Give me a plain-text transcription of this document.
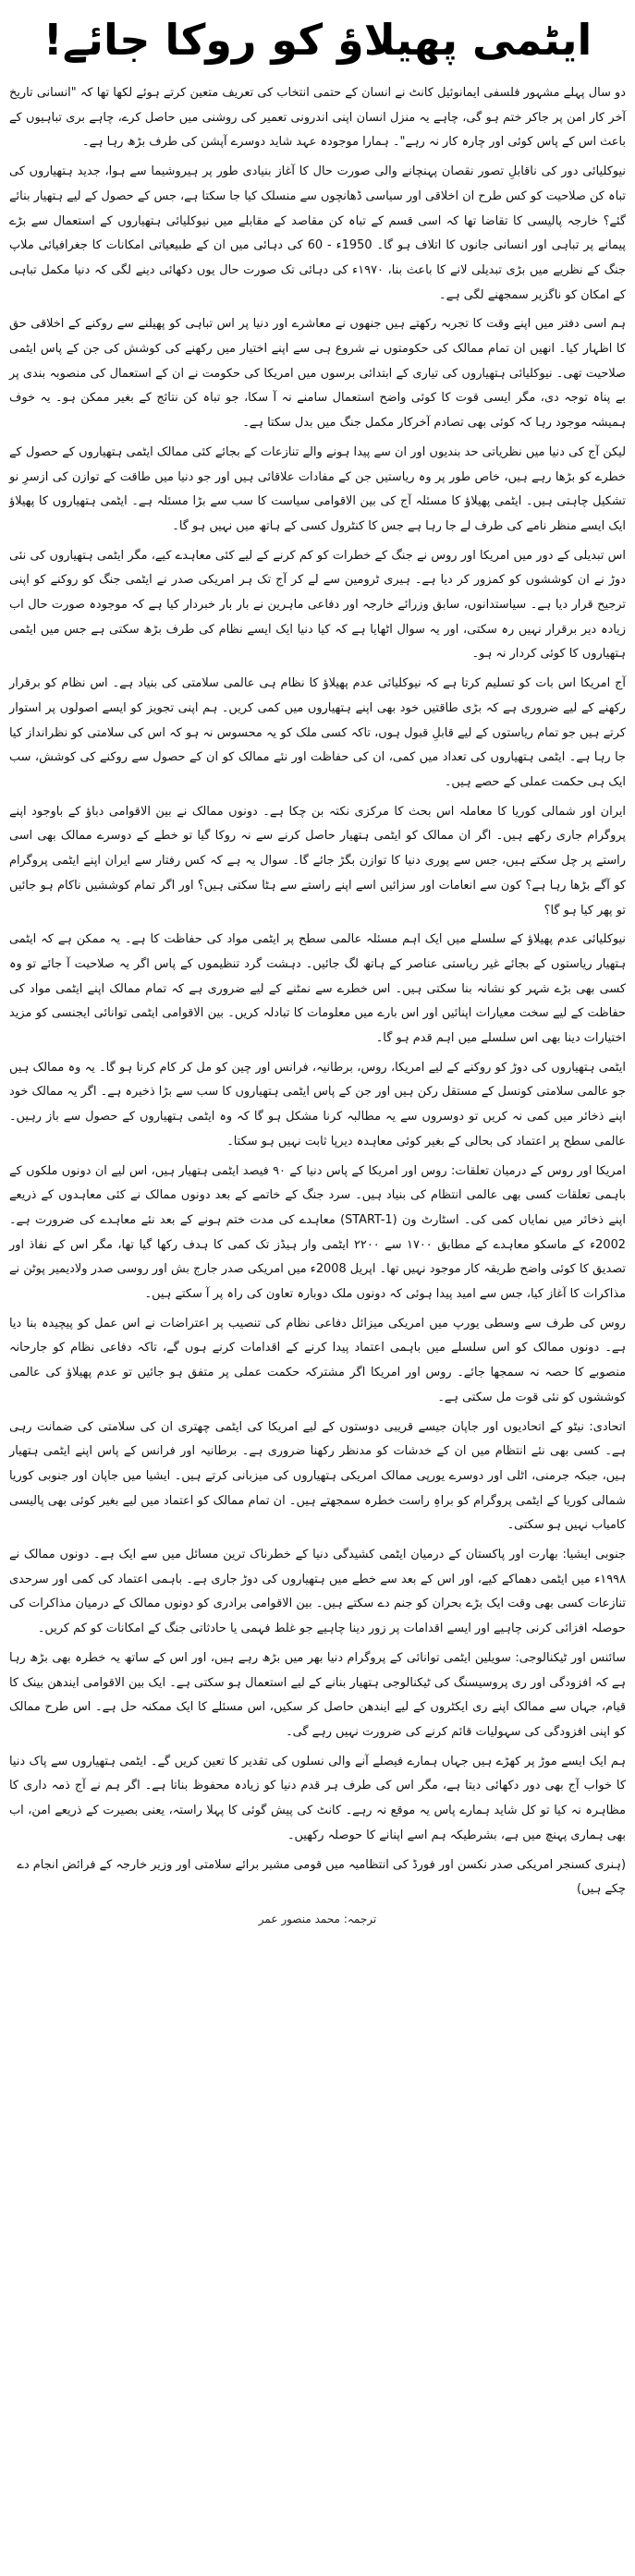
ایٹمی پھیلاؤ کو روکا جائے!

دو سال پہلے مشہور فلسفی ایمانوئیل کانٹ نے انسان کے حتمی انتخاب کی تعریف متعین کرتے ہوئے لکھا تھا کہ "انسانی تاریخ آخر کار امن پر جاکر ختم ہو گی، چاہے یہ منزل انسان اپنی اندرونی تعمیر کی روشنی میں حاصل کرے، چاہے بری تباہیوں کے باعث اس کے پاس کوئی اور چارہ کار نہ رہے"۔ ہمارا موجودہ عہد شاید دوسرے آپشن کی طرف بڑھ رہا ہے۔

نیوکلیائی دور کی ناقابلِ تصور نقصان پہنچانے والی صورت حال کا آغاز بنیادی طور پر ہیروشیما سے ہوا، جدید ہتھیاروں کی تباہ کن صلاحیت کو کس طرح ان اخلاقی اور سیاسی ڈھانچوں سے منسلک کیا جا سکتا ہے، جس کے حصول کے لیے ہتھیار بنائے گئے؟ خارجہ پالیسی کا تقاضا تھا کہ اسی قسم کے تباہ کن مقاصد کے مقابلے میں نیوکلیائی ہتھیاروں کے استعمال سے بڑے پیمانے پر تباہی اور انسانی جانوں کا اتلاف ہو گا۔ 1950ء - 60 کی دہائی میں ان کے طبیعیاتی امکانات کا جغرافیائی ملاپ جنگ کے نظریے میں بڑی تبدیلی لانے کا باعث بنا، ۱۹۷۰ء کی دہائی تک صورت حال یوں دکھائی دینے لگی کہ دنیا مکمل تباہی کے امکان کو ناگزیر سمجھنے لگی ہے۔

ہم اسی دفتر میں اپنے وقت کا تجربہ رکھتے ہیں جنھوں نے معاشرے اور دنیا پر اس تباہی کو پھیلنے سے روکنے کے اخلاقی حق کا اظہار کیا۔ انھیں ان تمام ممالک کی حکومتوں نے شروع ہی سے اپنے اختیار میں رکھنے کی کوشش کی جن کے پاس ایٹمی صلاحیت تھی۔ نیوکلیائی ہتھیاروں کی تیاری کے ابتدائی برسوں میں امریکا کی حکومت نے ان کے استعمال کی منصوبہ بندی پر بے پناہ توجہ دی، مگر ایسی قوت کا کوئی واضح استعمال سامنے نہ آ سکا، جو تباہ کن نتائج کے بغیر ممکن ہو۔ یہ خوف ہمیشہ موجود رہا کہ کوئی بھی تصادم آخرکار مکمل جنگ میں بدل سکتا ہے۔

لیکن آج کی دنیا میں نظریاتی حد بندیوں اور ان سے پیدا ہونے والے تنازعات کے بجائے کئی ممالک ایٹمی ہتھیاروں کے حصول کے خطرے کو بڑھا رہے ہیں، خاص طور پر وہ ریاستیں جن کے مفادات علاقائی ہیں اور جو دنیا میں طاقت کے توازن کی ازسرِ نو تشکیل چاہتی ہیں۔ ایٹمی پھیلاؤ کا مسئلہ آج کی بین الاقوامی سیاست کا سب سے بڑا مسئلہ ہے۔ ایٹمی ہتھیاروں کا پھیلاؤ ایک ایسے منظر نامے کی طرف لے جا رہا ہے جس کا کنٹرول کسی کے ہاتھ میں نہیں ہو گا۔

اس تبدیلی کے دور میں امریکا اور روس نے جنگ کے خطرات کو کم کرنے کے لیے کئی معاہدے کیے، مگر ایٹمی ہتھیاروں کی نئی دوڑ نے ان کوششوں کو کمزور کر دیا ہے۔ ہیری ٹرومین سے لے کر آج تک ہر امریکی صدر نے ایٹمی جنگ کو روکنے کو اپنی ترجیح قرار دیا ہے۔ سیاستدانوں، سابق وزرائے خارجہ اور دفاعی ماہرین نے بار بار خبردار کیا ہے کہ موجودہ صورت حال اب زیادہ دیر برقرار نہیں رہ سکتی، اور یہ سوال اٹھایا ہے کہ کیا دنیا ایک ایسے نظام کی طرف بڑھ سکتی ہے جس میں ایٹمی ہتھیاروں کا کوئی کردار نہ ہو۔

آج امریکا اس بات کو تسلیم کرتا ہے کہ نیوکلیائی عدم پھیلاؤ کا نظام ہی عالمی سلامتی کی بنیاد ہے۔ اس نظام کو برقرار رکھنے کے لیے ضروری ہے کہ بڑی طاقتیں خود بھی اپنے ہتھیاروں میں کمی کریں۔ ہم اپنی تجویز کو ایسے اصولوں پر استوار کرتے ہیں جو تمام ریاستوں کے لیے قابلِ قبول ہوں، تاکہ کسی ملک کو یہ محسوس نہ ہو کہ اس کی سلامتی کو نظرانداز کیا جا رہا ہے۔ ایٹمی ہتھیاروں کی تعداد میں کمی، ان کی حفاظت اور نئے ممالک کو ان کے حصول سے روکنے کی کوشش، سب ایک ہی حکمت عملی کے حصے ہیں۔

ایران اور شمالی کوریا کا معاملہ اس بحث کا مرکزی نکتہ بن چکا ہے۔ دونوں ممالک نے بین الاقوامی دباؤ کے باوجود اپنے پروگرام جاری رکھے ہیں۔ اگر ان ممالک کو ایٹمی ہتھیار حاصل کرنے سے نہ روکا گیا تو خطے کے دوسرے ممالک بھی اسی راستے پر چل سکتے ہیں، جس سے پوری دنیا کا توازن بگڑ جائے گا۔ سوال یہ ہے کہ کس رفتار سے ایران اپنے ایٹمی پروگرام کو آگے بڑھا رہا ہے؟ کون سے انعامات اور سزائیں اسے اپنے راستے سے ہٹا سکتی ہیں؟ اور اگر تمام کوششیں ناکام ہو جائیں تو پھر کیا ہو گا؟

نیوکلیائی عدم پھیلاؤ کے سلسلے میں ایک اہم مسئلہ عالمی سطح پر ایٹمی مواد کی حفاظت کا ہے۔ یہ ممکن ہے کہ ایٹمی ہتھیار ریاستوں کے بجائے غیر ریاستی عناصر کے ہاتھ لگ جائیں۔ دہشت گرد تنظیموں کے پاس اگر یہ صلاحیت آ جائے تو وہ کسی بھی بڑے شہر کو نشانہ بنا سکتی ہیں۔ اس خطرے سے نمٹنے کے لیے ضروری ہے کہ تمام ممالک اپنے ایٹمی مواد کی حفاظت کے لیے سخت معیارات اپنائیں اور اس بارے میں معلومات کا تبادلہ کریں۔ بین الاقوامی ایٹمی توانائی ایجنسی کو مزید اختیارات دینا بھی اس سلسلے میں اہم قدم ہو گا۔

ایٹمی ہتھیاروں کی دوڑ کو روکنے کے لیے امریکا، روس، برطانیہ، فرانس اور چین کو مل کر کام کرنا ہو گا۔ یہ وہ ممالک ہیں جو عالمی سلامتی کونسل کے مستقل رکن ہیں اور جن کے پاس ایٹمی ہتھیاروں کا سب سے بڑا ذخیرہ ہے۔ اگر یہ ممالک خود اپنے ذخائر میں کمی نہ کریں تو دوسروں سے یہ مطالبہ کرنا مشکل ہو گا کہ وہ ایٹمی ہتھیاروں کے حصول سے باز رہیں۔ عالمی سطح پر اعتماد کی بحالی کے بغیر کوئی معاہدہ دیرپا ثابت نہیں ہو سکتا۔

امریکا اور روس کے درمیان تعلقات: روس اور امریکا کے پاس دنیا کے ۹۰ فیصد ایٹمی ہتھیار ہیں، اس لیے ان دونوں ملکوں کے باہمی تعلقات کسی بھی عالمی انتظام کی بنیاد ہیں۔ سرد جنگ کے خاتمے کے بعد دونوں ممالک نے کئی معاہدوں کے ذریعے اپنے ذخائر میں نمایاں کمی کی۔ اسٹارٹ ون (START-1) معاہدے کی مدت ختم ہونے کے بعد نئے معاہدے کی ضرورت ہے۔ 2002ء کے ماسکو معاہدے کے مطابق ۱۷۰۰ سے ۲۲۰۰ ایٹمی وار ہیڈز تک کمی کا ہدف رکھا گیا تھا، مگر اس کے نفاذ اور تصدیق کا کوئی واضح طریقہ کار موجود نہیں تھا۔ اپریل 2008ء میں امریکی صدر جارج بش اور روسی صدر ولادیمیر پوٹن نے مذاکرات کا آغاز کیا، جس سے امید پیدا ہوئی کہ دونوں ملک دوبارہ تعاون کی راہ پر آ سکتے ہیں۔

روس کی طرف سے وسطی یورپ میں امریکی میزائل دفاعی نظام کی تنصیب پر اعتراضات نے اس عمل کو پیچیدہ بنا دیا ہے۔ دونوں ممالک کو اس سلسلے میں باہمی اعتماد پیدا کرنے کے اقدامات کرنے ہوں گے، تاکہ دفاعی نظام کو جارحانہ منصوبے کا حصہ نہ سمجھا جائے۔ روس اور امریکا اگر مشترکہ حکمت عملی پر متفق ہو جائیں تو عدم پھیلاؤ کی عالمی کوششوں کو نئی قوت مل سکتی ہے۔

اتحادی: نیٹو کے اتحادیوں اور جاپان جیسے قریبی دوستوں کے لیے امریکا کی ایٹمی چھتری ان کی سلامتی کی ضمانت رہی ہے۔ کسی بھی نئے انتظام میں ان کے خدشات کو مدنظر رکھنا ضروری ہے۔ برطانیہ اور فرانس کے پاس اپنے ایٹمی ہتھیار ہیں، جبکہ جرمنی، اٹلی اور دوسرے یورپی ممالک امریکی ہتھیاروں کی میزبانی کرتے ہیں۔ ایشیا میں جاپان اور جنوبی کوریا شمالی کوریا کے ایٹمی پروگرام کو براہِ راست خطرہ سمجھتے ہیں۔ ان تمام ممالک کو اعتماد میں لیے بغیر کوئی بھی پالیسی کامیاب نہیں ہو سکتی۔

جنوبی ایشیا: بھارت اور پاکستان کے درمیان ایٹمی کشیدگی دنیا کے خطرناک ترین مسائل میں سے ایک ہے۔ دونوں ممالک نے ۱۹۹۸ء میں ایٹمی دھماکے کیے، اور اس کے بعد سے خطے میں ہتھیاروں کی دوڑ جاری ہے۔ باہمی اعتماد کی کمی اور سرحدی تنازعات کسی بھی وقت ایک بڑے بحران کو جنم دے سکتے ہیں۔ بین الاقوامی برادری کو دونوں ممالک کے درمیان مذاکرات کی حوصلہ افزائی کرنی چاہیے اور ایسے اقدامات پر زور دینا چاہیے جو غلط فہمی یا حادثاتی جنگ کے امکانات کو کم کریں۔

سائنس اور ٹیکنالوجی: سویلین ایٹمی توانائی کے پروگرام دنیا بھر میں بڑھ رہے ہیں، اور اس کے ساتھ یہ خطرہ بھی بڑھ رہا ہے کہ افزودگی اور ری پروسیسنگ کی ٹیکنالوجی ہتھیار بنانے کے لیے استعمال ہو سکتی ہے۔ ایک بین الاقوامی ایندھن بینک کا قیام، جہاں سے ممالک اپنے ری ایکٹروں کے لیے ایندھن حاصل کر سکیں، اس مسئلے کا ایک ممکنہ حل ہے۔ اس طرح ممالک کو اپنی افزودگی کی سہولیات قائم کرنے کی ضرورت نہیں رہے گی۔

ہم ایک ایسے موڑ پر کھڑے ہیں جہاں ہمارے فیصلے آنے والی نسلوں کی تقدیر کا تعین کریں گے۔ ایٹمی ہتھیاروں سے پاک دنیا کا خواب آج بھی دور دکھائی دیتا ہے، مگر اس کی طرف ہر قدم دنیا کو زیادہ محفوظ بناتا ہے۔ اگر ہم نے آج ذمہ داری کا مظاہرہ نہ کیا تو کل شاید ہمارے پاس یہ موقع نہ رہے۔ کانٹ کی پیش گوئی کا پہلا راستہ، یعنی بصیرت کے ذریعے امن، اب بھی ہماری پہنچ میں ہے، بشرطیکہ ہم اسے اپنانے کا حوصلہ رکھیں۔

(ہنری کسنجر امریکی صدر نکسن اور فورڈ کی انتظامیہ میں قومی مشیر برائے سلامتی اور وزیر خارجہ کے فرائض انجام دے چکے ہیں)
ترجمہ:محمد منصور عمر
